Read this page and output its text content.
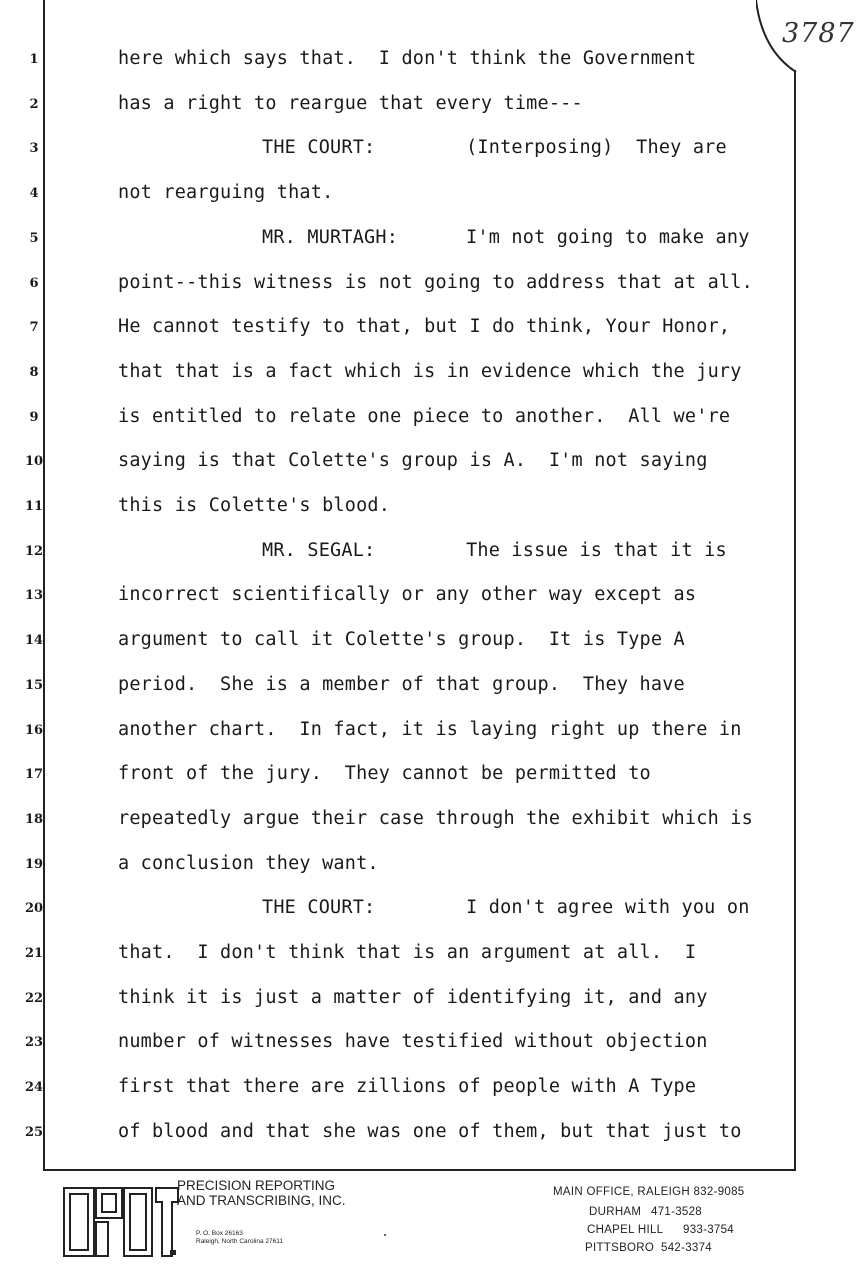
3787
1	here which says that.  I don't think the Government
2	has a right to reargue that every time---
3	THE COURT:        (Interposing)  They are
4	not rearguing that.
5	MR. MURTAGH:      I'm not going to make any
6	point--this witness is not going to address that at all.
7	He cannot testify to that, but I do think, Your Honor,
8	that that is a fact which is in evidence which the jury
9	is entitled to relate one piece to another.  All we're
10	saying is that Colette's group is A.  I'm not saying
11	this is Colette's blood.
12	MR. SEGAL:        The issue is that it is
13	incorrect scientifically or any other way except as
14	argument to call it Colette's group.  It is Type A
15	period.  She is a member of that group.  They have
16	another chart.  In fact, it is laying right up there in
17	front of the jury.  They cannot be permitted to
18	repeatedly argue their case through the exhibit which is
19	a conclusion they want.
20	THE COURT:        I don't agree with you on
21	that.  I don't think that is an argument at all.  I
22	think it is just a matter of identifying it, and any
23	number of witnesses have testified without objection
24	first that there are zillions of people with A Type
25	of blood and that she was one of them, but that just to
PRECISION REPORTING
AND TRANSCRIBING, INC.
P. O. Box 26163
Raleigh, North Carolina 27611
MAIN OFFICE, RALEIGH 832-9085
DURHAM 471-3528
CHAPEL HILL 933-3754
PITTSBORO 542-3374
